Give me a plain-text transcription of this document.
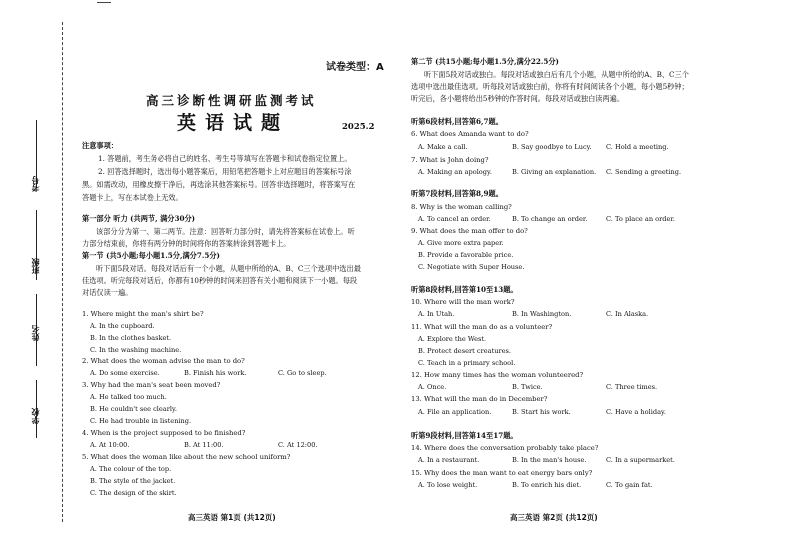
考号
班级
姓名
学校
试卷类型：A
高三诊断性调研监测考试
英语试题	2025.2
注意事项：
1. 答题前，考生务必将自己的姓名、考生号等填写在答题卡和试卷指定位置上。
2. 回答选择题时，选出每小题答案后，用铅笔把答题卡上对应题目的答案标号涂
黑。如需改动，用橡皮擦干净后，再选涂其他答案标号。回答非选择题时，将答案写在
答题卡上，写在本试卷上无效。
第一部分 听力 (共两节, 满分30分)
该部分分为第一、第二两节。注意：回答听力部分时，请先将答案标在试卷上。听
力部分结束前，你将有两分钟的时间将你的答案转涂到答题卡上。
第一节 (共5小题;每小题1.5分,满分7.5分)
听下面5段对话。每段对话后有一个小题，从题中所给的A、B、C三个选项中选出最
佳选项。听完每段对话后，你都有10秒钟的时间来回答有关小题和阅读下一小题。每段
对话仅读一遍。
1. Where might the man's shirt be?
A. In the cupboard.
B. In the clothes basket.
C. In the washing machine.
2. What does the woman advise the man to do?
A. Do some exercise.	B. Finish his work.	C. Go to sleep.
3. Why had the man's seat been moved?
A. He talked too much.
B. He couldn't see clearly.
C. He had trouble in listening.
4. When is the project supposed to be finished?
A. At 10:00.	B. At 11:00.	C. At 12:00.
5. What does the woman like about the new school uniform?
A. The colour of the top.
B. The style of the jacket.
C. The design of the skirt.
高三英语 第1页 (共12页)
第二节 (共15小题;每小题1.5分,满分22.5分)
听下面5段对话或独白。每段对话或独白后有几个小题，从题中所给的A、B、C三个
选项中选出最佳选项。听每段对话或独白前，你将有时间阅读各个小题，每小题5秒钟；
听完后，各小题将给出5秒钟的作答时间。每段对话或独白读两遍。
听第6段材料,回答第6,7题。
6. What does Amanda want to do?
A. Make a call.	B. Say goodbye to Lucy. C. Hold a meeting.
7. What is John doing?
A. Making an apology.	B. Giving an explanation. C. Sending a greeting.
听第7段材料,回答第8,9题。
8. Why is the woman calling?
A. To cancel an order.	B. To change an order.	C. To place an order.
9. What does the man offer to do?
A. Give more extra paper.
B. Provide a favorable price.
C. Negotiate with Super House.
听第8段材料,回答第10至13题。
10. Where will the man work?
A. In Utah.	B. In Washington.	C. In Alaska.
11. What will the man do as a volunteer?
A. Explore the West.
B. Protect desert creatures.
C. Teach in a primary school.
12. How many times has the woman volunteered?
A. Once.	B. Twice.	C. Three times.
13. What will the man do in December?
A. File an application.	B. Start his work.	C. Have a holiday.
听第9段材料,回答第14至17题。
14. Where does the conversation probably take place?
A. In a restaurant.	B. In the man's house.	C. In a supermarket.
15. Why does the man want to eat energy bars only?
A. To lose weight.	B. To enrich his diet.	C. To gain fat.
高三英语 第2页 (共12页)
